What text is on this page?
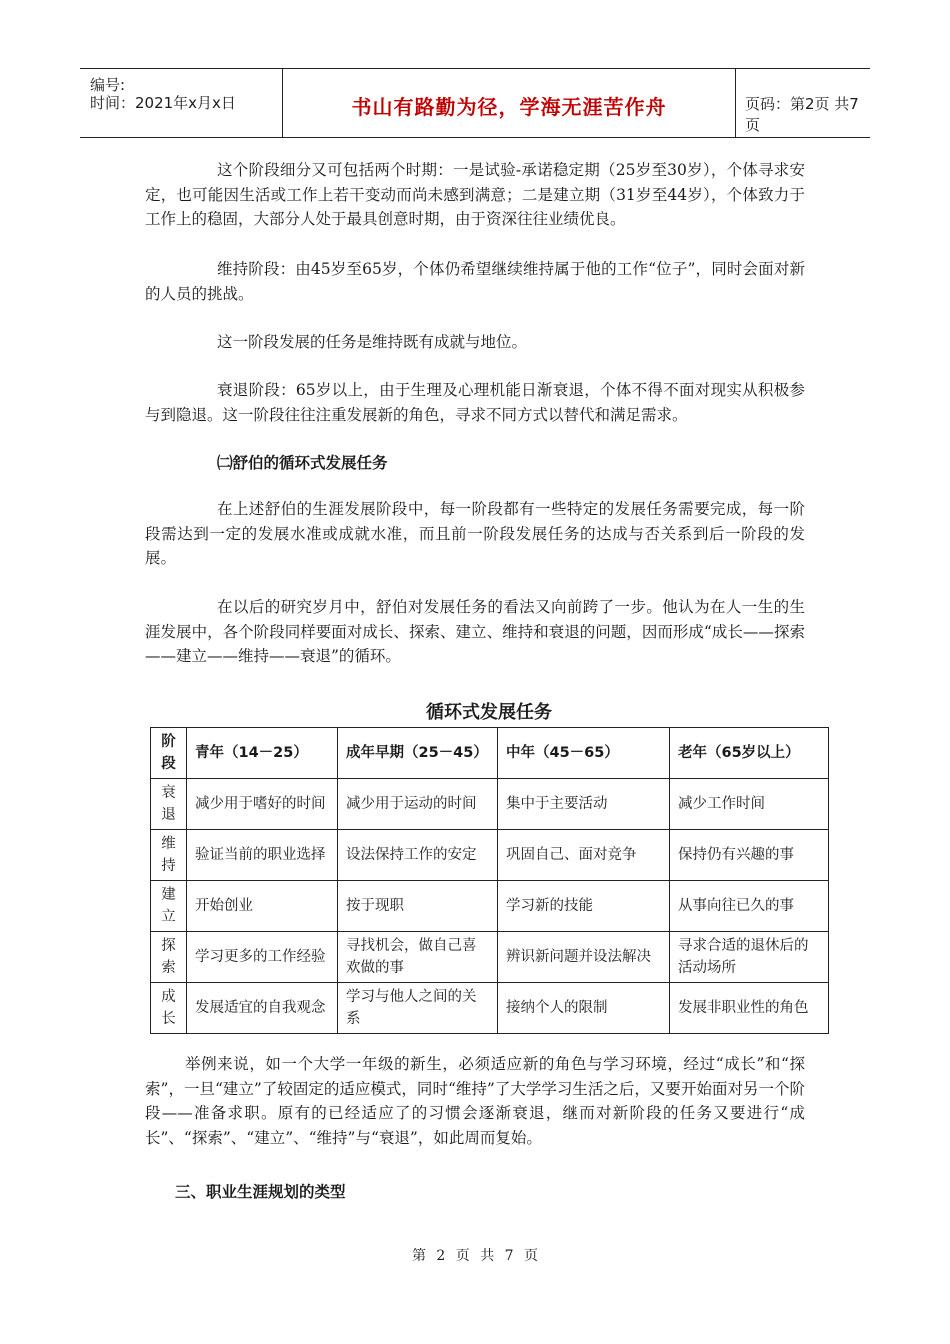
编号:
时间：2021年x月x日	书山有路勤为径，学海无涯苦作舟	页码：第2页 共7页

这个阶段细分又可包括两个时期：一是试验-承诺稳定期（25岁至30岁），个体寻求安定，也可能因生活或工作上若干变动而尚未感到满意；二是建立期（31岁至44岁），个体致力于工作上的稳固，大部分人处于最具创意时期，由于资深往往业绩优良。

维持阶段：由45岁至65岁，个体仍希望继续维持属于他的工作“位子”，同时会面对新的人员的挑战。

这一阶段发展的任务是维持既有成就与地位。

衰退阶段：65岁以上，由于生理及心理机能日渐衰退，个体不得不面对现实从积极参与到隐退。这一阶段往往注重发展新的角色，寻求不同方式以替代和满足需求。

㈡舒伯的循环式发展任务

在上述舒伯的生涯发展阶段中，每一阶段都有一些特定的发展任务需要完成，每一阶段需达到一定的发展水准或成就水准，而且前一阶段发展任务的达成与否关系到后一阶段的发展。

在以后的研究岁月中，舒伯对发展任务的看法又向前跨了一步。他认为在人一生的生涯发展中，各个阶段同样要面对成长、探索、建立、维持和衰退的问题，因而形成“成长——探索——建立——维持——衰退”的循环。

循环式发展任务
阶段	青年（14－25）	成年早期（25－45）	中年（45－65）	老年（65岁以上）
衰退	减少用于嗜好的时间	减少用于运动的时间	集中于主要活动	减少工作时间
维持	验证当前的职业选择	设法保持工作的安定	巩固自己、面对竞争	保持仍有兴趣的事
建立	开始创业	按于现职	学习新的技能	从事向往已久的事
探索	学习更多的工作经验	寻找机会，做自己喜欢做的事	辨识新问题并设法解决	寻求合适的退休后的活动场所
成长	发展适宜的自我观念	学习与他人之间的关系	接纳个人的限制	发展非职业性的角色

举例来说，如一个大学一年级的新生，必须适应新的角色与学习环境，经过“成长”和“探索”，一旦“建立”了较固定的适应模式，同时“维持”了大学学习生活之后，又要开始面对另一个阶段——准备求职。原有的已经适应了的习惯会逐渐衰退，继而对新阶段的任务又要进行“成长”、“探索”、“建立”、“维持”与“衰退”，如此周而复始。

三、职业生涯规划的类型

第 2 页 共 7 页
